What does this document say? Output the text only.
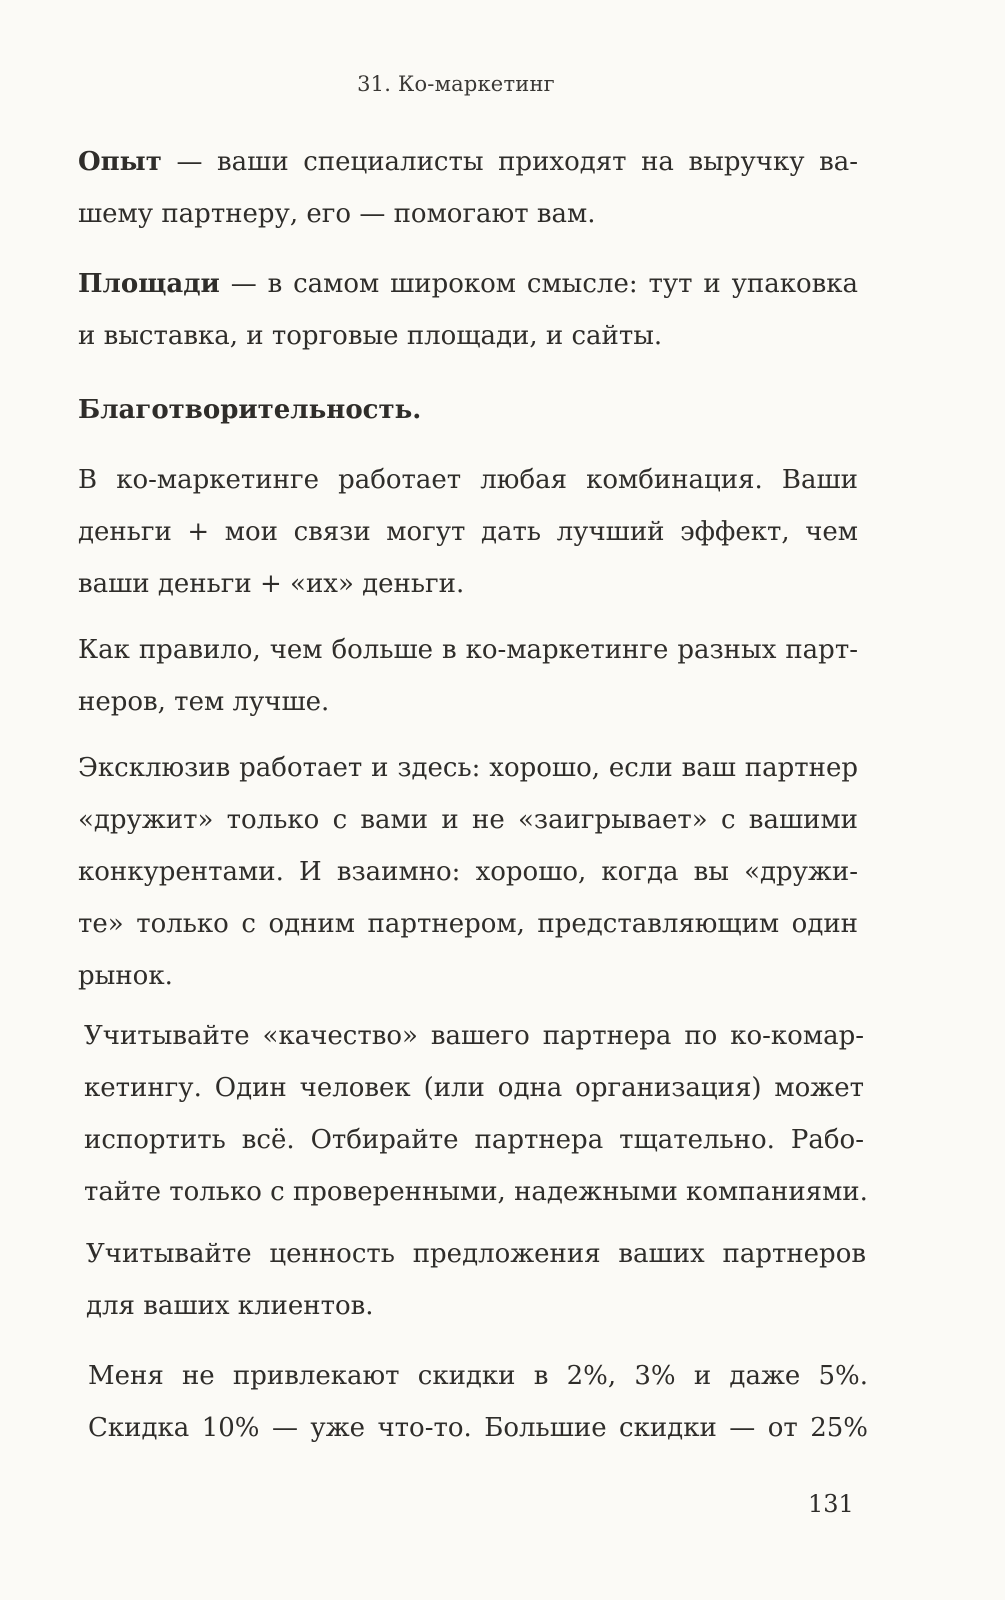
31. Ко-маркетинг
Опыт — ваши специалисты приходят на выручку ва-
шему партнеру, его — помогают вам.
Площади — в самом широком смысле: тут и упаковка
и выставка, и торговые площади, и сайты.
Благотворительность.
В ко-маркетинге работает любая комбинация. Ваши
деньги + мои связи могут дать лучший эффект, чем
ваши деньги + «их» деньги.
Как правило, чем больше в ко-маркетинге разных парт-
неров, тем лучше.
Эксклюзив работает и здесь: хорошо, если ваш партнер
«дружит» только с вами и не «заигрывает» с вашими
конкурентами. И взаимно: хорошо, когда вы «дружи-
те» только с одним партнером, представляющим один
рынок.
Учитывайте «качество» вашего партнера по ко-комар-
кетингу. Один человек (или одна организация) может
испортить всё. Отбирайте партнера тщательно. Рабо-
тайте только с проверенными, надежными компаниями.
Учитывайте ценность предложения ваших партнеров
для ваших клиентов.
Меня не привлекают скидки в 2%, 3% и даже 5%.
Скидка 10% — уже что-то. Большие скидки — от 25%
131
